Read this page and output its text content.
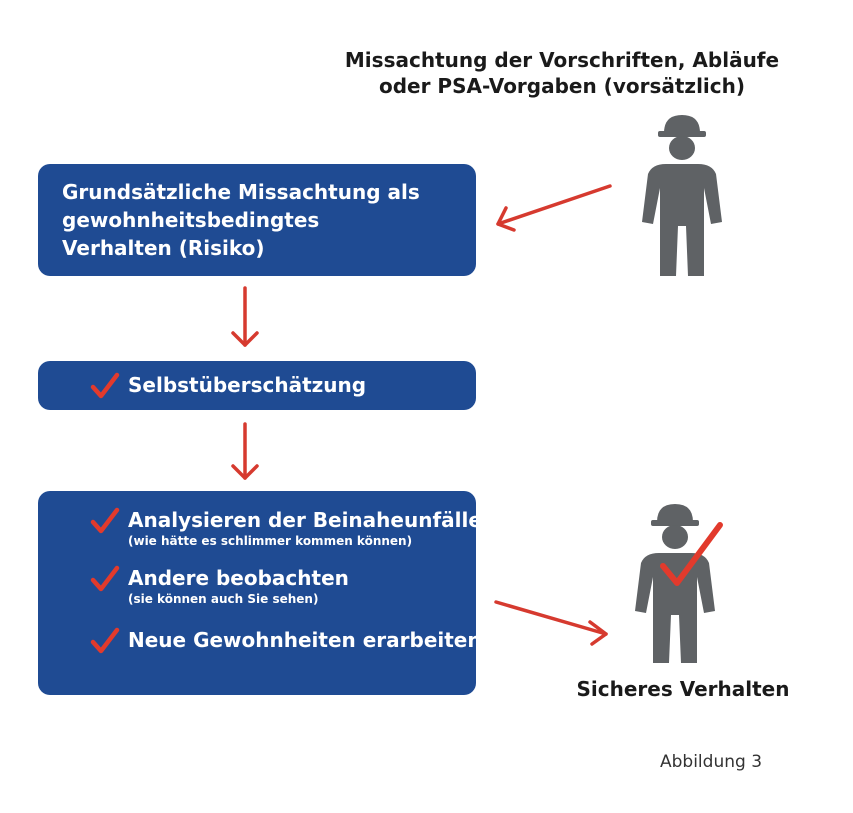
Missachtung der Vorschriften, Abläufe
oder PSA-Vorgaben (vorsätzlich)
Grundsätzliche Missachtung als
gewohnheitsbedingtes
Verhalten (Risiko)
Selbstüberschätzung
Analysieren der Beinaheunfälle
(wie hätte es schlimmer kommen können)
Andere beobachten
(sie können auch Sie sehen)
Neue Gewohnheiten erarbeiten
Sicheres Verhalten
Abbildung 3
